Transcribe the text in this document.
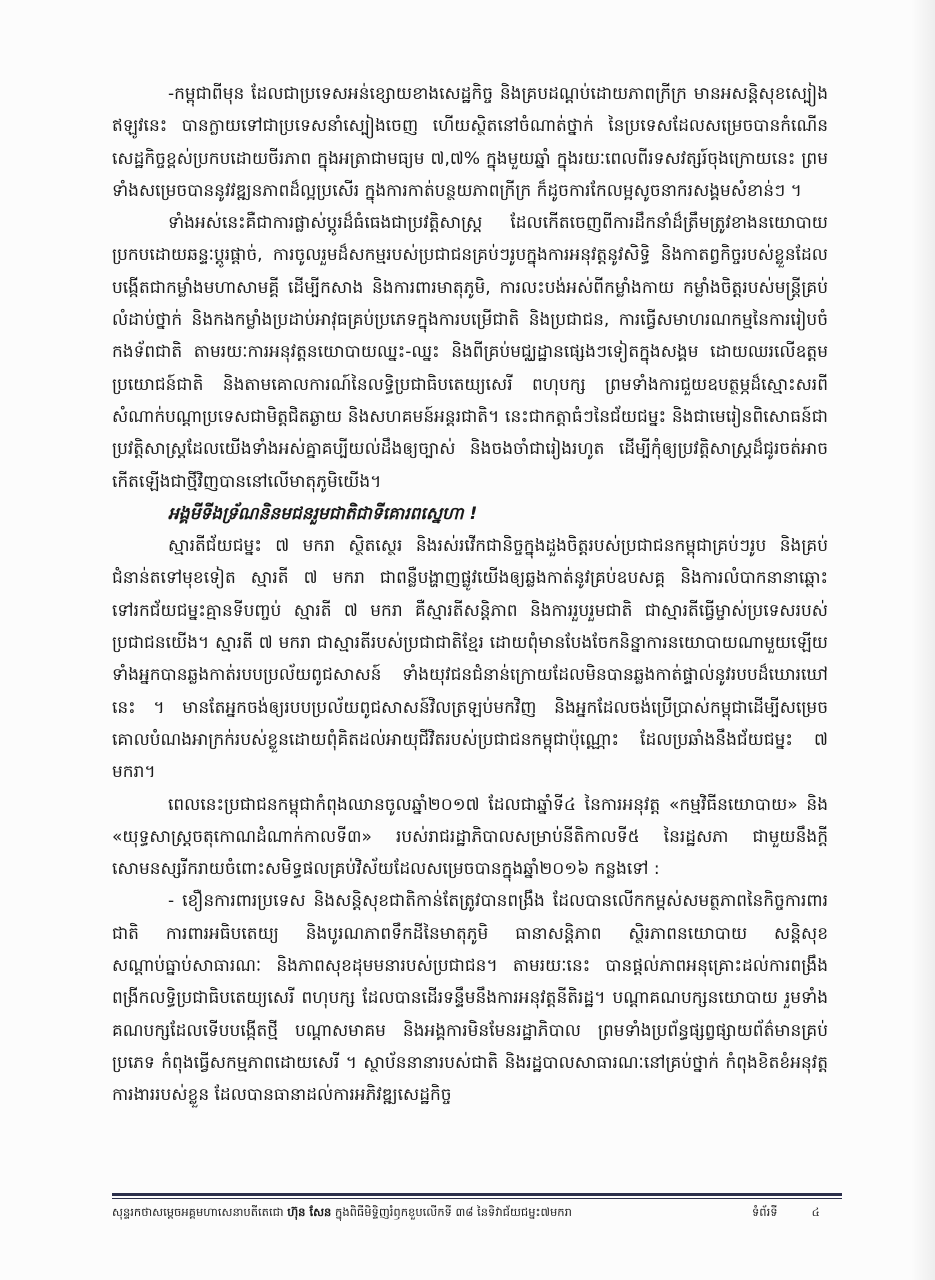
-កម្ពុជាពីមុន ដែលជាប្រទេសអន់ខ្សោយខាងសេដ្ឋកិច្ច និងគ្របដណ្តប់ដោយភាពក្រីក្រ មានអសន្តិសុខស្បៀង ឥឡូវនេះ បានក្លាយទៅជាប្រទេសនាំស្បៀងចេញ ហើយស្ថិតនៅចំណាត់ថ្នាក់ នៃប្រទេសដែលសម្រេចបានកំណើនសេដ្ឋកិច្ចខ្ពស់ប្រកបដោយចីរភាព ក្នុងអត្រាជាមធ្យម ៧,៧% ក្នុងមួយឆ្នាំ ក្នុងរយៈពេលពីរទសវត្សរ៍ចុងក្រោយនេះ ព្រមទាំងសម្រេចបាននូវវឌ្ឍនភាពដ៏ល្អប្រសើរ ក្នុងការកាត់បន្ថយភាពក្រីក្រ ក៏ដូចការកែលម្អសូចនាករសង្គមសំខាន់ៗ ។

ទាំងអស់នេះគឺជាការផ្លាស់ប្តូរដ៏ធំធេងជាប្រវត្តិសាស្ត្រ ដែលកើតចេញពីការដឹកនាំដ៏ត្រឹមត្រូវខាងនយោបាយប្រកបដោយឆន្ទៈប្តូរផ្តាច់, ការចូលរួមដ៏សកម្មរបស់ប្រជាជនគ្រប់ៗរូបក្នុងការអនុវត្តនូវសិទ្ធិ និងកាតព្វកិច្ចរបស់ខ្លួនដែលបង្កើតជាកម្លាំងមហាសាមគ្គី ដើម្បីកសាង និងការពារមាតុភូមិ, ការលះបង់អស់ពីកម្លាំងកាយ កម្លាំងចិត្តរបស់មន្ត្រីគ្រប់លំដាប់ថ្នាក់ និងកងកម្លាំងប្រដាប់អាវុធគ្រប់ប្រភេទក្នុងការបម្រើជាតិ និងប្រជាជន, ការធ្វើសមាហរណកម្មនៃការរៀបចំកងទ័ពជាតិ តាមរយៈការអនុវត្តនយោបាយឈ្នះ-ឈ្នះ និងពីគ្រប់មជ្ឈដ្ឋានផ្សេងៗទៀតក្នុងសង្គម ដោយឈរលើឧត្តមប្រយោជន៍ជាតិ និងតាមគោលការណ៍នៃលទ្ធិប្រជាធិបតេយ្យសេរី ពហុបក្ស ព្រមទាំងការជួយឧបត្ថម្ភដ៏ស្មោះសរពីសំណាក់បណ្តាប្រទេសជាមិត្តជិតឆ្ងាយ និងសហគមន៍អន្តរជាតិ។ នេះជាកត្តាធំៗនៃជ័យជម្នះ និងជាមេរៀនពិសោធន៍ជាប្រវត្តិសាស្ត្រដែលយើងទាំងអស់គ្នាគប្បីយល់ដឹងឲ្យច្បាស់ និងចងចាំជារៀងរហូត ដើម្បីកុំឲ្យប្រវត្តិសាស្ត្រដ៏ជូរចត់អាចកើតឡើងជាថ្មីវិញបាននៅលើមាតុភូមិយើង។

អង្គមីទីងទ្រ័ណនិនមជនរួមជាតិជាទីគោរពស្នេហា !

ស្មារតីជ័យជម្នះ ៧ មករា ស្ថិតស្ថេរ និងរស់រវើកជានិច្ចក្នុងដួងចិត្តរបស់ប្រជាជនកម្ពុជាគ្រប់ៗរូប និងគ្រប់ជំនាន់តទៅមុខទៀត ស្មារតី ៧ មករា ជាពន្លឺបង្ហាញផ្លូវយើងឲ្យឆ្លងកាត់នូវគ្រប់ឧបសគ្គ និងការលំបាកនានាឆ្ពោះទៅរកជ័យជម្នះគ្មានទីបញ្ចប់ ស្មារតី ៧ មករា គឺស្មារតីសន្តិភាព និងការរួបរួមជាតិ ជាស្មារតីធ្វើម្ចាស់ប្រទេសរបស់ប្រជាជនយើង។ ស្មារតី ៧ មករា ជាស្មារតីរបស់ប្រជាជាតិខ្មែរ ដោយពុំមានបែងចែកនិន្នាការនយោបាយណាមួយឡើយ ទាំងអ្នកបានឆ្លងកាត់របបប្រល័យពូជសាសន៍ ទាំងយុវជនជំនាន់ក្រោយដែលមិនបានឆ្លងកាត់ផ្ទាល់នូវរបបដ៏ឃោរឃៅនេះ ។ មានតែអ្នកចង់ឲ្យរបបប្រល័យពូជសាសន៍វិលត្រឡប់មកវិញ និងអ្នកដែលចង់ប្រើប្រាស់កម្ពុជាដើម្បីសម្រេចគោលបំណងអាក្រក់របស់ខ្លួនដោយពុំគិតដល់អាយុជីវិតរបស់ប្រជាជនកម្ពុជាប៉ុណ្ណោះ ដែលប្រឆាំងនឹងជ័យជម្នះ ៧ មករា។

ពេលនេះប្រជាជនកម្ពុជាកំពុងឈានចូលឆ្នាំ២០១៧ ដែលជាឆ្នាំទី៤ នៃការអនុវត្ត «កម្មវិធីនយោបាយ» និង «យុទ្ធសាស្ត្រចតុកោណដំណាក់កាលទី៣» របស់រាជរដ្ឋាភិបាលសម្រាប់នីតិកាលទី៥ នៃរដ្ឋសភា ជាមួយនឹងក្តីសោមនស្សរីករាយចំពោះសមិទ្ធផលគ្រប់វិស័យដែលសម្រេចបានក្នុងឆ្នាំ២០១៦ កន្លងទៅ :

- ខឿនការពារប្រទេស និងសន្តិសុខជាតិកាន់តែត្រូវបានពង្រឹង ដែលបានលើកកម្ពស់សមត្ថភាពនៃកិច្ចការពារជាតិ ការពារអធិបតេយ្យ និងបូរណភាពទឹកដីនៃមាតុភូមិ ធានាសន្តិភាព ស្ថិរភាពនយោបាយ សន្តិសុខ សណ្តាប់ធ្នាប់សាធារណៈ និងភាពសុខដុមមនារបស់ប្រជាជន។ តាមរយៈនេះ បានផ្តល់ភាពអនុគ្រោះដល់ការពង្រឹងពង្រីកលទ្ធិប្រជាធិបតេយ្យសេរី ពហុបក្ស ដែលបានដើរទន្ទឹមនឹងការអនុវត្តនីតិរដ្ឋ។ បណ្តាគណបក្សនយោបាយ រួមទាំងគណបក្សដែលទើបបង្កើតថ្មី បណ្តាសមាគម និងអង្គការមិនមែនរដ្ឋាភិបាល ព្រមទាំងប្រព័ន្ធផ្សព្វផ្សាយព័ត៌មានគ្រប់ប្រភេទ កំពុងធ្វើសកម្មភាពដោយសេរី ។ ស្ថាប័ននានារបស់ជាតិ និងរដ្ឋបាលសាធារណៈនៅគ្រប់ថ្នាក់ កំពុងខិតខំអនុវត្តការងាររបស់ខ្លួន ដែលបានធានាដល់ការអភិវឌ្ឍសេដ្ឋកិច្ច

សុន្ទរកថាសម្តេចអគ្គមហាសេនាបតីតេជោ ហ៊ុន សែន ក្នុងពិធីមិទ្ទិញរំឭកខួបលើកទី ៣៨ នៃទិវាជ័យជម្នះ៧មករា	ទំព័រទី	៤
